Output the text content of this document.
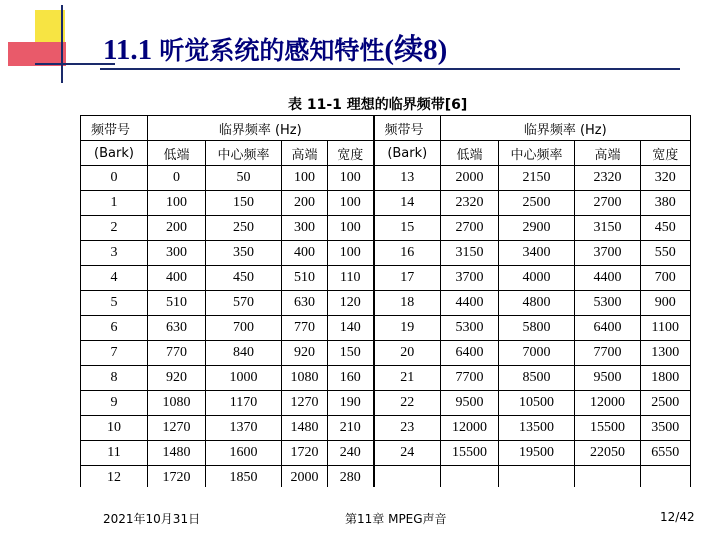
11.1 听觉系统的感知特性(续8)
表 11-1 理想的临界频带[6]
频带号	临界频率 (Hz)				频带号	临界频率 (Hz)			
(Bark)	低端	中心频率	高端	宽度	(Bark)	低端	中心频率	高端	宽度
0	0	50	100	100	13	2000	2150	2320	320
1	100	150	200	100	14	2320	2500	2700	380
2	200	250	300	100	15	2700	2900	3150	450
3	300	350	400	100	16	3150	3400	3700	550
4	400	450	510	110	17	3700	4000	4400	700
5	510	570	630	120	18	4400	4800	5300	900
6	630	700	770	140	19	5300	5800	6400	1100
7	770	840	920	150	20	6400	7000	7700	1300
8	920	1000	1080	160	21	7700	8500	9500	1800
9	1080	1170	1270	190	22	9500	10500	12000	2500
10	1270	1370	1480	210	23	12000	13500	15500	3500
11	1480	1600	1720	240	24	15500	19500	22050	6550
12	1720	1850	2000	280					
2021年10月31日	第11章 MPEG声音	12/42
